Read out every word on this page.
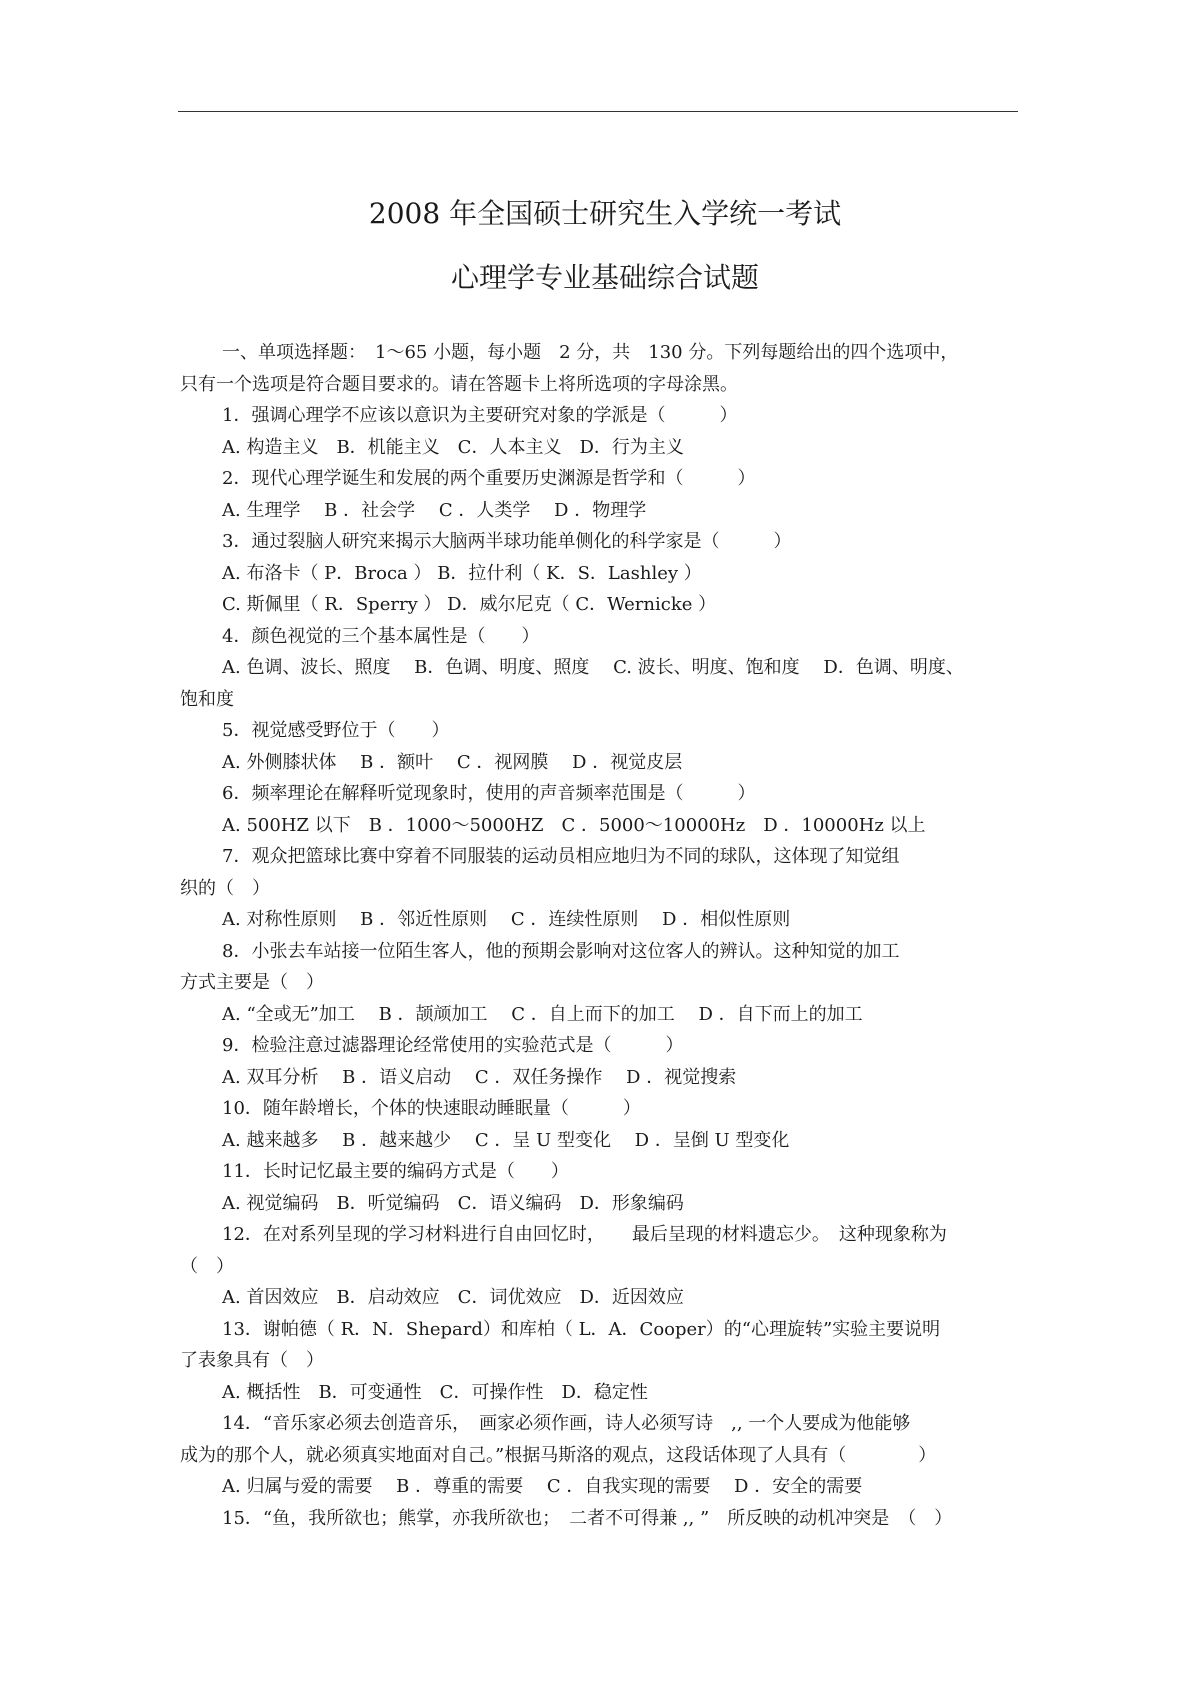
2008 年全国硕士研究生入学统一考试
心理学专业基础综合试题
一、单项选择题：　1～65 小题，每小题　2 分，共　130 分。下列每题给出的四个选项中，
只有一个选项是符合题目要求的。请在答题卡上将所选项的字母涂黑。
1．强调心理学不应该以意识为主要研究对象的学派是（　　　）
A. 构造主义　B．机能主义　C．人本主义　D．行为主义
2．现代心理学诞生和发展的两个重要历史渊源是哲学和（　　　）
A. 生理学　 B ．社会学　 C ．人类学　 D ．物理学
3．通过裂脑人研究来揭示大脑两半球功能单侧化的科学家是（　　　）
A. 布洛卡（ P．Broca ） B．拉什利（ K．S．Lashley ）
C. 斯佩里（ R．Sperry ） D．威尔尼克（ C．Wernicke ）
4．颜色视觉的三个基本属性是（　　）
A. 色调、波长、照度　 B．色调、明度、照度　 C. 波长、明度、饱和度　 D．色调、明度、
饱和度
5．视觉感受野位于（　　）
A. 外侧膝状体　 B ．额叶　 C ．视网膜　 D ．视觉皮层
6．频率理论在解释听觉现象时，使用的声音频率范围是（　　　）
A. 500HZ 以下　B ．1000～5000HZ　C ．5000～10000Hz　D ．10000Hz 以上
7．观众把篮球比赛中穿着不同服装的运动员相应地归为不同的球队，这体现了知觉组
织的（　）
A. 对称性原则　 B ．邻近性原则　 C ．连续性原则　 D ．相似性原则
8．小张去车站接一位陌生客人，他的预期会影响对这位客人的辨认。这种知觉的加工
方式主要是（　）
A. “全或无”加工　 B ．颉颃加工　 C ．自上而下的加工　 D ．自下而上的加工
9．检验注意过滤器理论经常使用的实验范式是（　　　）
A. 双耳分析　 B ．语义启动　 C ．双任务操作　 D ．视觉搜索
10．随年龄增长，个体的快速眼动睡眠量（　　　）
A. 越来越多　 B ．越来越少　 C ．呈 U 型变化　 D ．呈倒 U 型变化
11．长时记忆最主要的编码方式是（　　）
A. 视觉编码　B．听觉编码　C．语义编码　D．形象编码
12．在对系列呈现的学习材料进行自由回忆时，　　最后呈现的材料遗忘少。　这种现象称为
（　）
A. 首因效应　B．启动效应　C．词优效应　D．近因效应
13．谢帕德（ R．N．Shepard）和库柏（ L．A．Cooper）的“心理旋转”实验主要说明
了表象具有（　）
A. 概括性　B．可变通性　C．可操作性　D．稳定性
14．“音乐家必须去创造音乐，　画家必须作画，诗人必须写诗　,, 一个人要成为他能够
成为的那个人，就必须真实地面对自己。”根据马斯洛的观点，这段话体现了人具有（　　　　）
A. 归属与爱的需要　 B ．尊重的需要　 C ．自我实现的需要　 D ．安全的需要
15．“鱼，我所欲也；熊掌，亦我所欲也；　二者不可得兼 ,, ”　所反映的动机冲突是　（　）
